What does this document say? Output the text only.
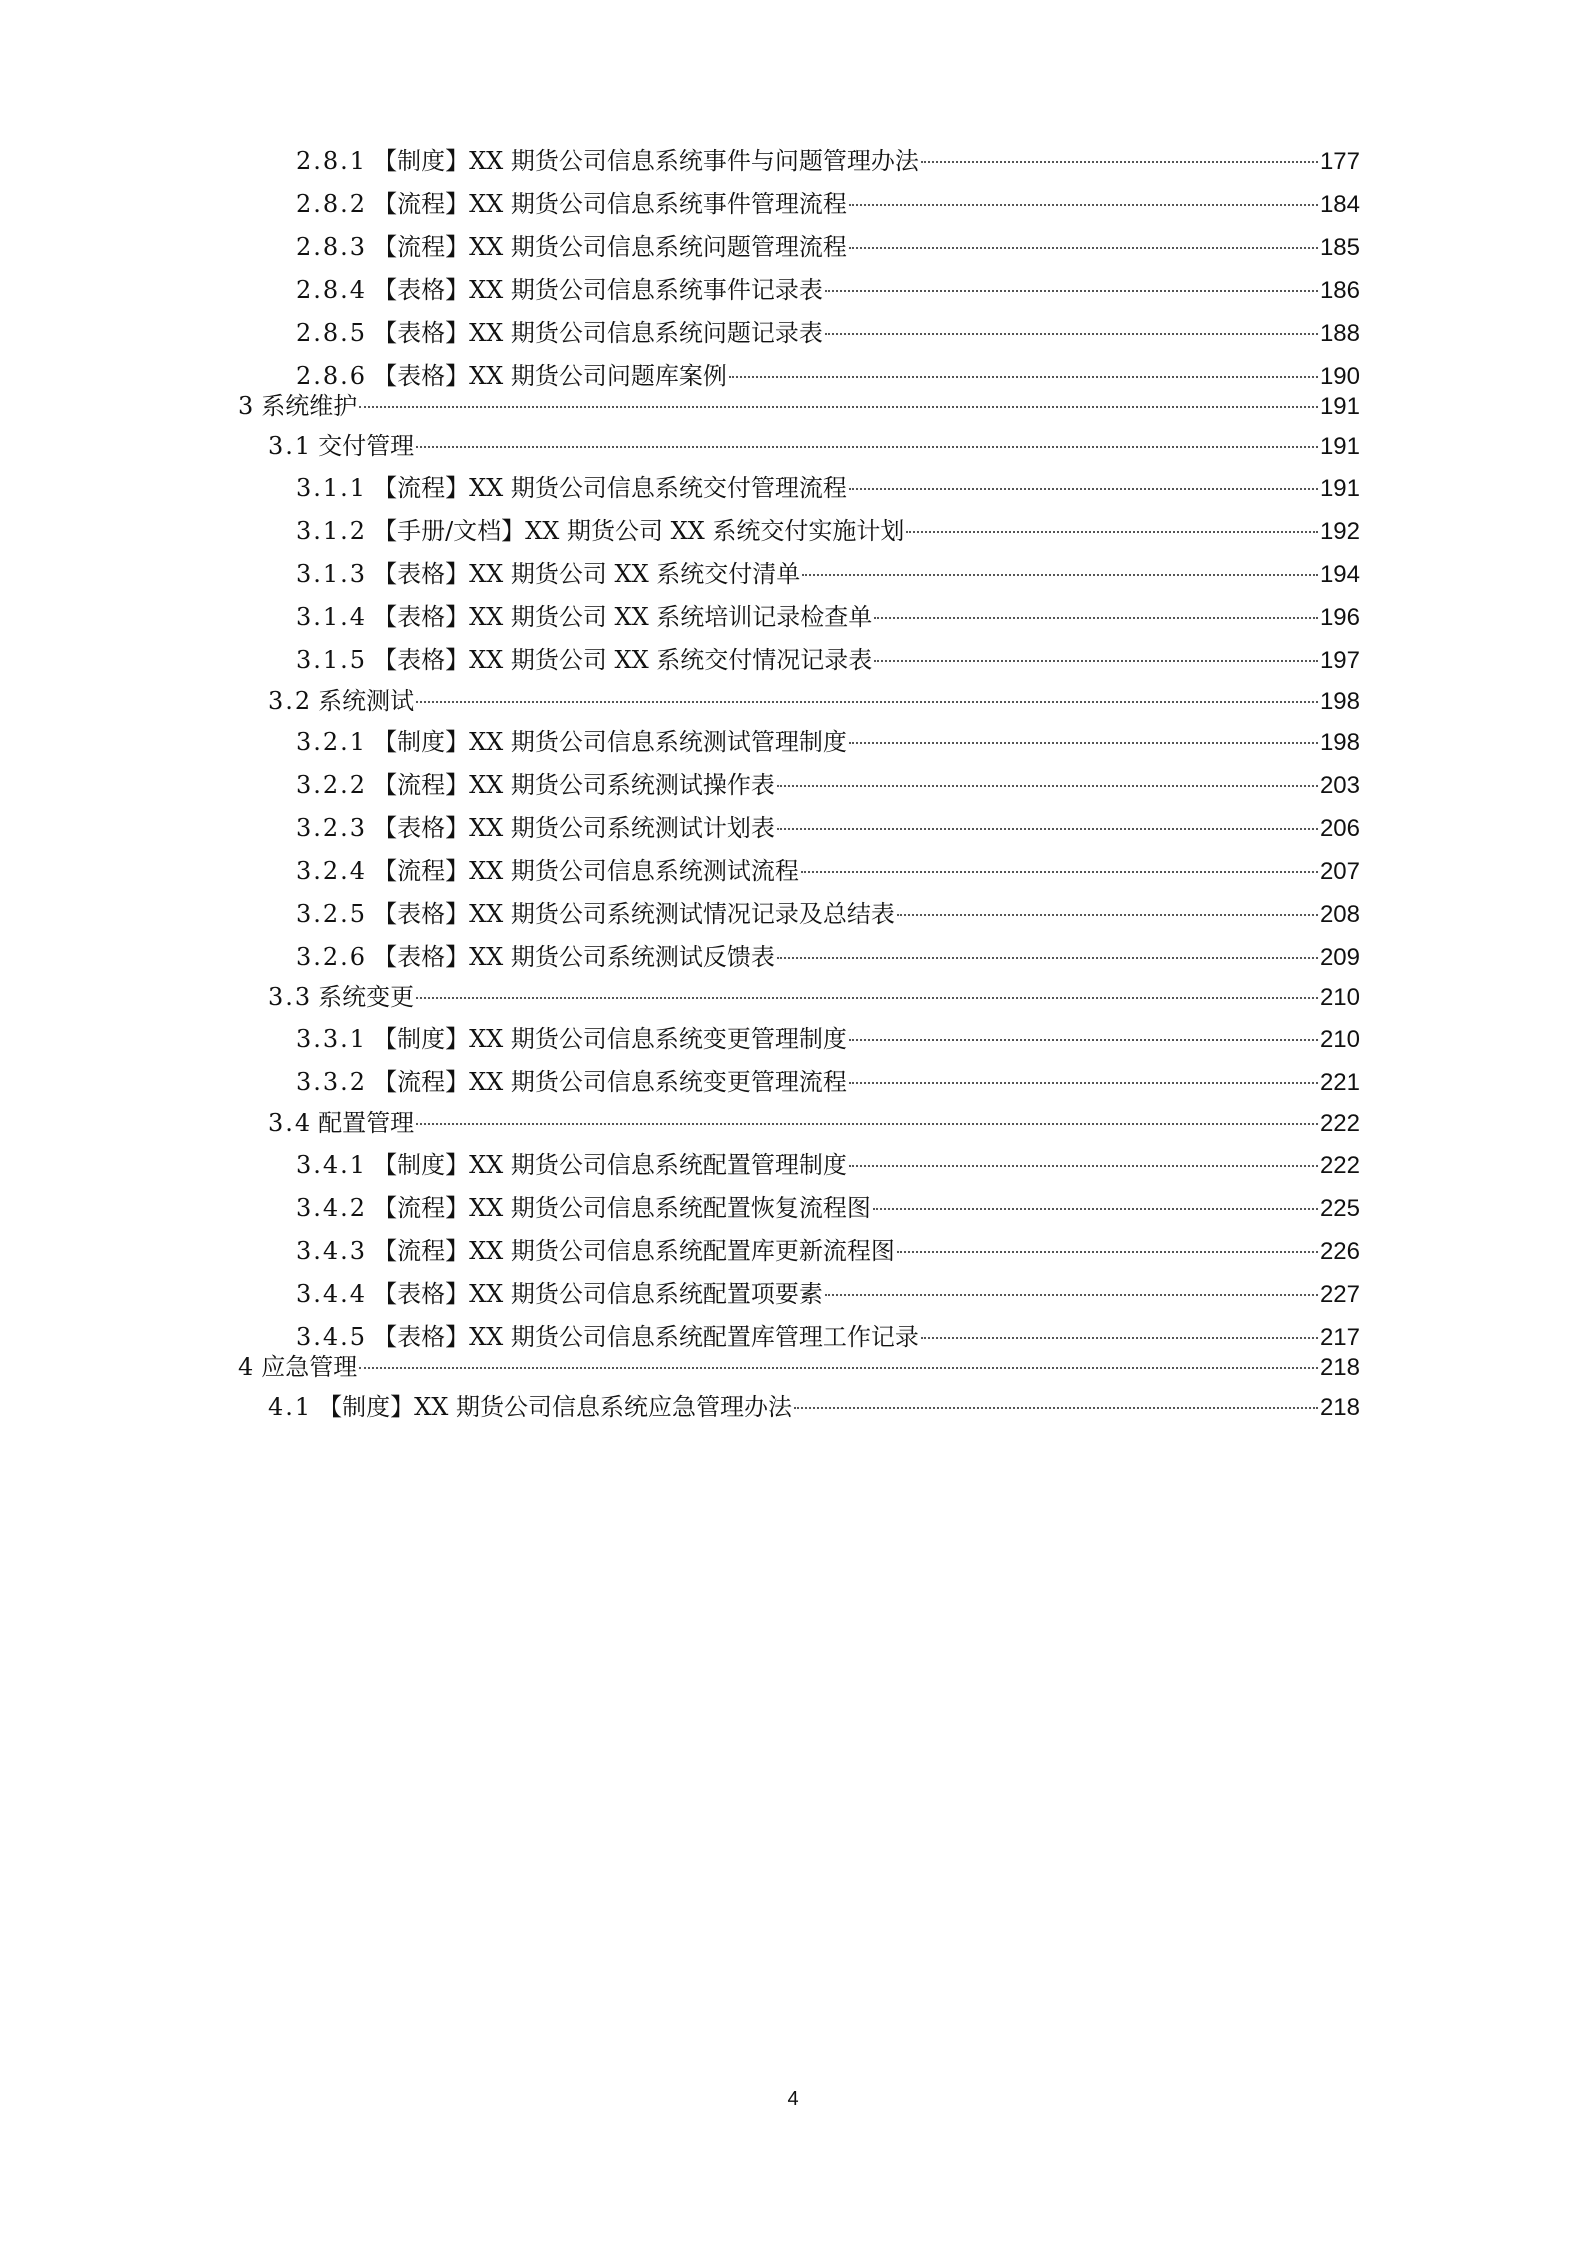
2.8.1 【制度】XX 期货公司信息系统事件与问题管理办法	177
2.8.2 【流程】XX 期货公司信息系统事件管理流程	184
2.8.3 【流程】XX 期货公司信息系统问题管理流程	185
2.8.4 【表格】XX 期货公司信息系统事件记录表	186
2.8.5 【表格】XX 期货公司信息系统问题记录表	188
2.8.6 【表格】XX 期货公司问题库案例	190
3 系统维护	191
3.1 交付管理	191
3.1.1 【流程】XX 期货公司信息系统交付管理流程	191
3.1.2 【手册/文档】XX 期货公司 XX 系统交付实施计划	192
3.1.3 【表格】XX 期货公司 XX 系统交付清单	194
3.1.4 【表格】XX 期货公司 XX 系统培训记录检查单	196
3.1.5 【表格】XX 期货公司 XX 系统交付情况记录表	197
3.2 系统测试	198
3.2.1 【制度】XX 期货公司信息系统测试管理制度	198
3.2.2 【流程】XX 期货公司系统测试操作表	203
3.2.3 【表格】XX 期货公司系统测试计划表	206
3.2.4 【流程】XX 期货公司信息系统测试流程	207
3.2.5 【表格】XX 期货公司系统测试情况记录及总结表	208
3.2.6 【表格】XX 期货公司系统测试反馈表	209
3.3 系统变更	210
3.3.1 【制度】XX 期货公司信息系统变更管理制度	210
3.3.2 【流程】XX 期货公司信息系统变更管理流程	221
3.4 配置管理	222
3.4.1 【制度】XX 期货公司信息系统配置管理制度	222
3.4.2 【流程】XX 期货公司信息系统配置恢复流程图	225
3.4.3 【流程】XX 期货公司信息系统配置库更新流程图	226
3.4.4 【表格】XX 期货公司信息系统配置项要素	227
3.4.5 【表格】XX 期货公司信息系统配置库管理工作记录	217
4 应急管理	218
4.1 【制度】XX 期货公司信息系统应急管理办法	218
4
